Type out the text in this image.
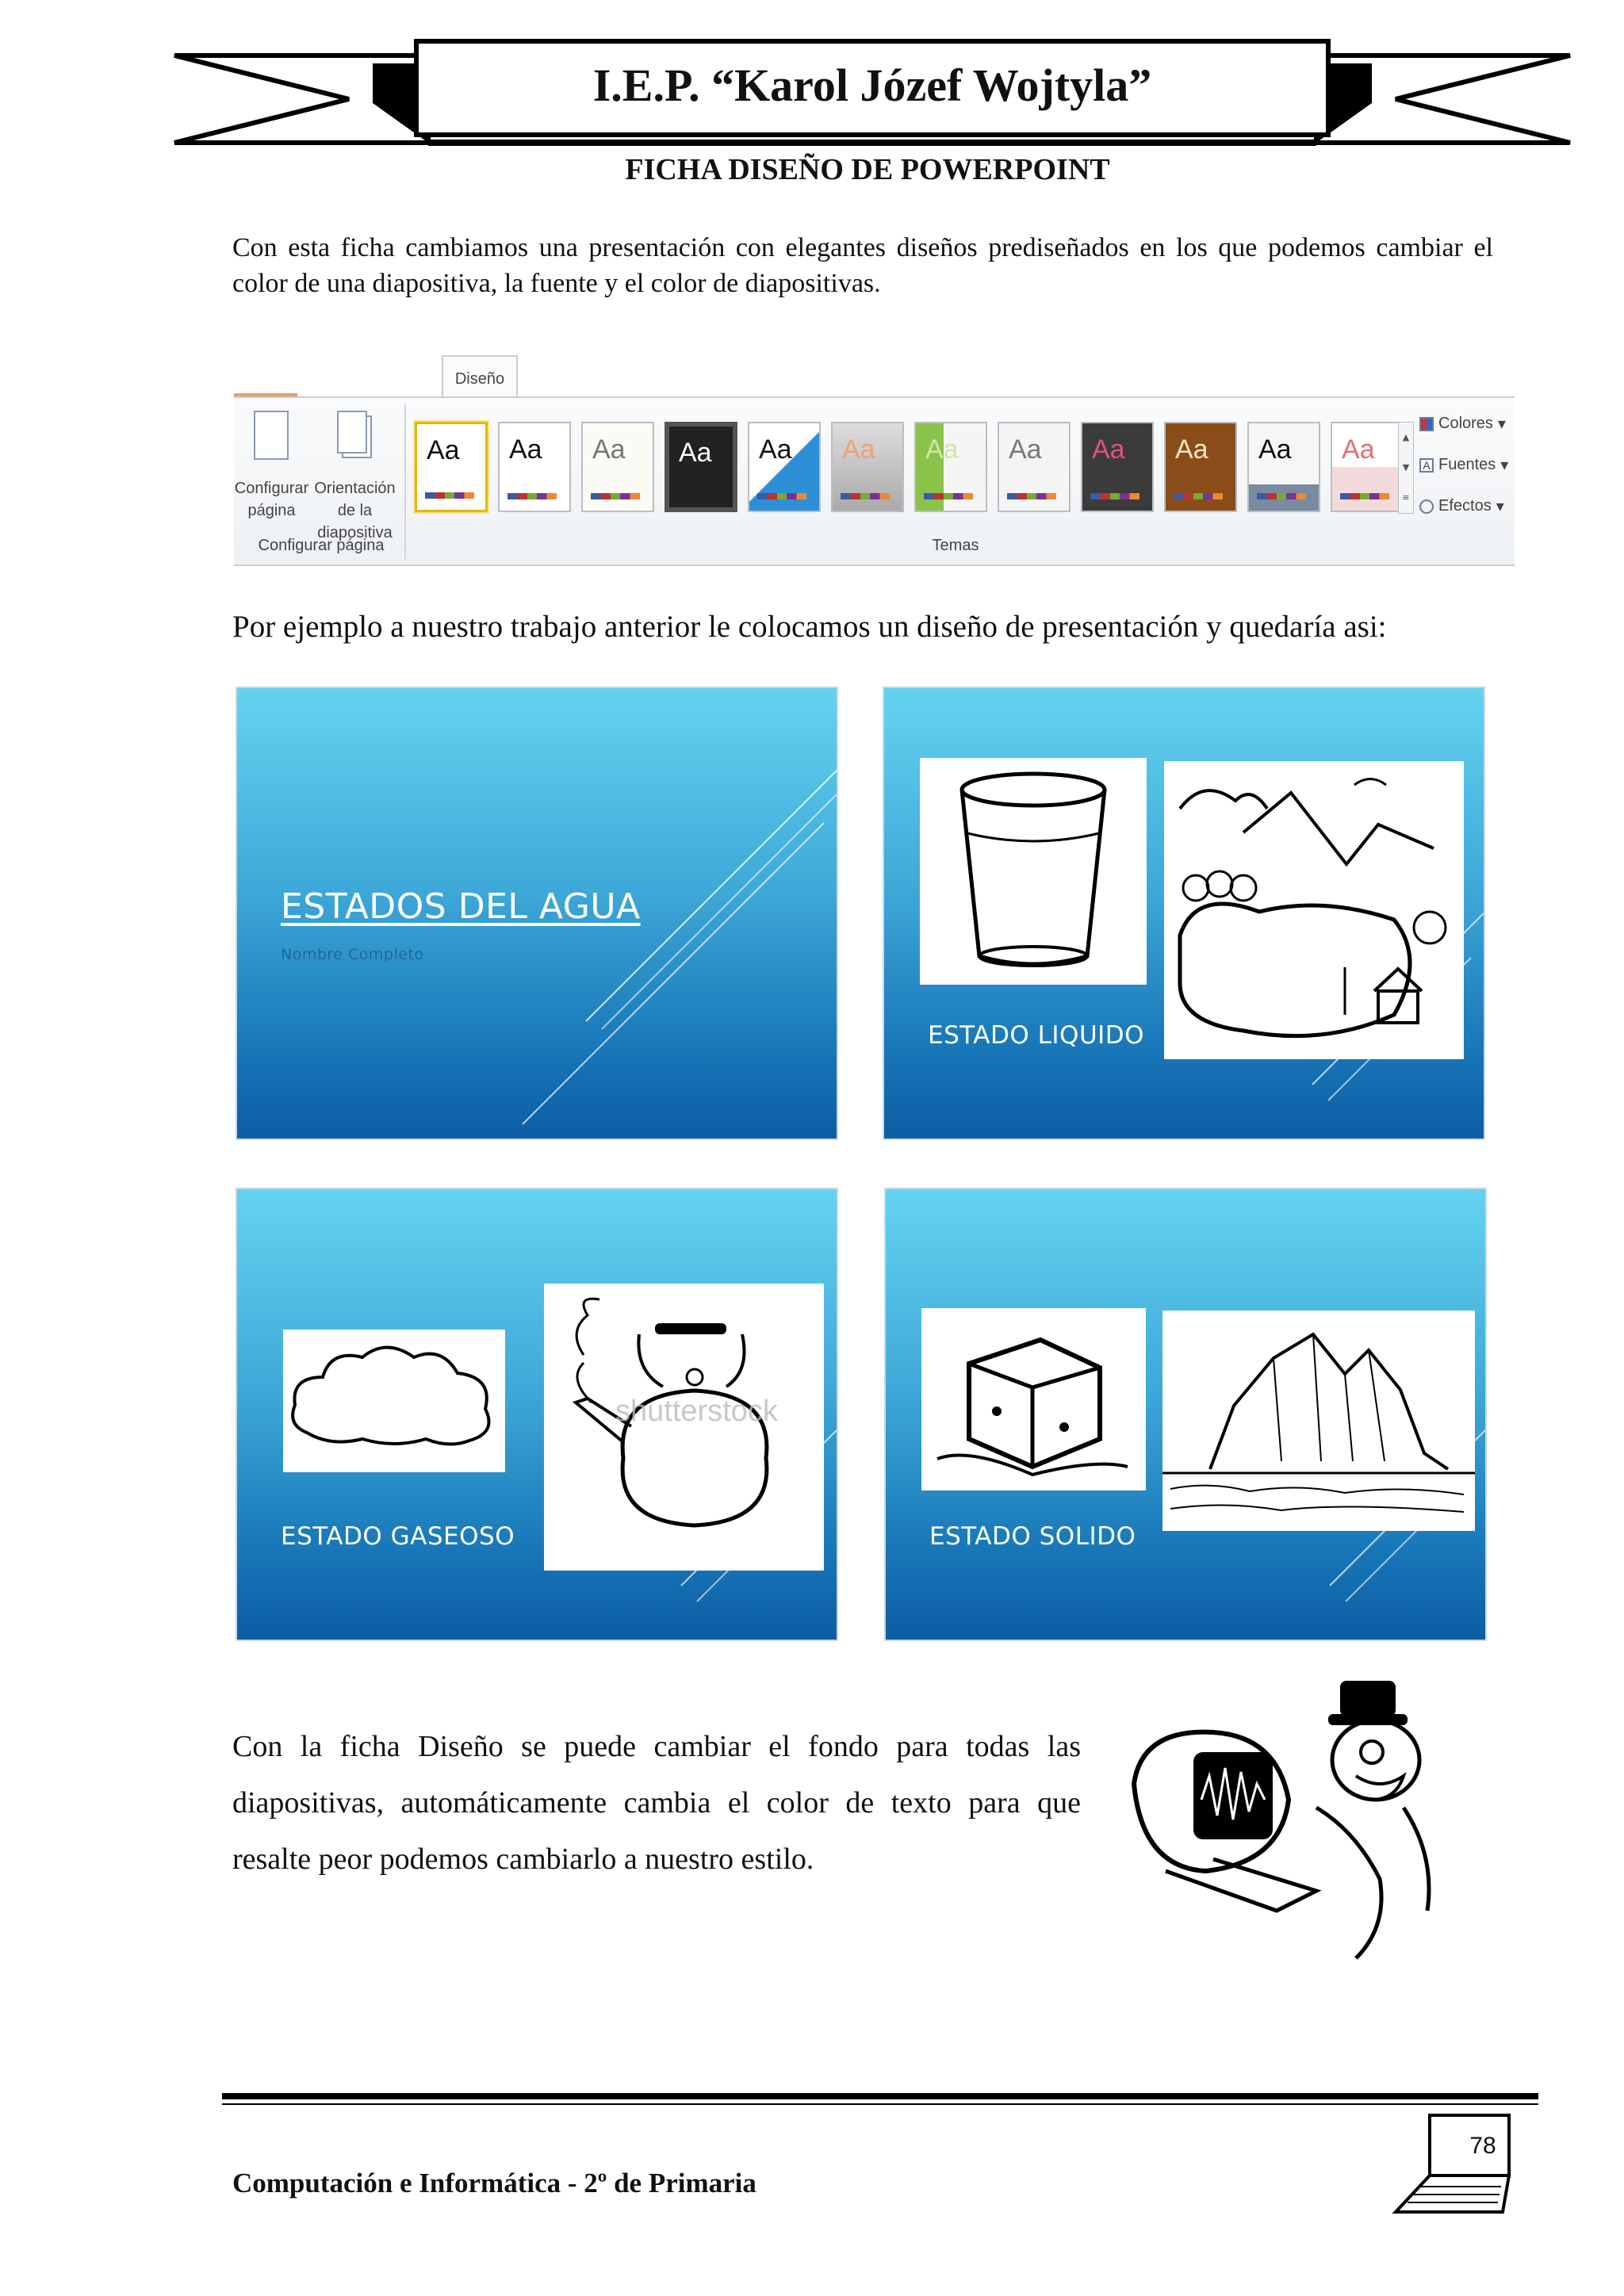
I.E.P. “Karol Józef Wojtyla”
FICHA DISEÑO DE POWERPOINT
Con esta ficha cambiamos una presentación con elegantes diseños prediseñados en los que podemos cambiar el color de una diapositiva, la fuente y el color de diapositivas.
Diseño
Configurar página
Orientación de la diapositiva
Configurar página	Temas
Aa Aa Aa Aa Aa Aa Aa Aa Aa Aa Aa Aa	▲
▼
≡
Colores ▾
A Fuentes ▾
Efectos ▾
Por ejemplo a nuestro trabajo anterior le colocamos un diseño de presentación y quedaría asi:
ESTADOS DEL AGUA
Nombre Completo
ESTADO LIQUIDO
shutterstock
ESTADO GASEOSO	ESTADO SOLIDO
Con la ficha Diseño se puede cambiar el fondo para todas las diapositivas, automáticamente cambia el color de texto para que resalte peor podemos cambiarlo a nuestro estilo.
Computación e Informática - 2º de Primaria
78
